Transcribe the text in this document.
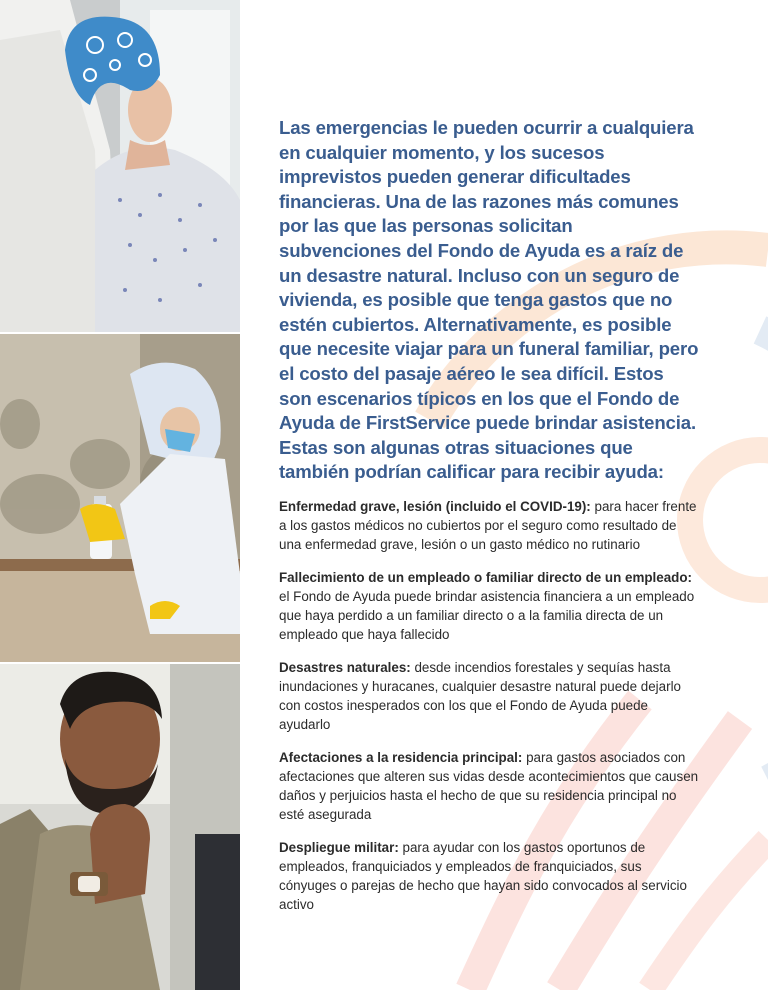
Las emergencias le pueden ocurrir a cualquiera en cualquier momento, y los sucesos imprevistos pueden generar dificultades financieras. Una de las razones más comunes por las que las personas solicitan subvenciones del Fondo de Ayuda es a raíz de un desastre natural. Incluso con un seguro de vivienda, es posible que tenga gastos que no estén cubiertos. Alternativamente, es posible que necesite viajar para un funeral familiar, pero el costo del pasaje aéreo le sea difícil. Estos son escenarios típicos en los que el Fondo de Ayuda de FirstService puede brindar asistencia. Estas son algunas otras situaciones que también podrían calificar para recibir ayuda:

Enfermedad grave, lesión (incluido el COVID-19): para hacer frente a los gastos médicos no cubiertos por el seguro como resultado de una enfermedad grave, lesión o un gasto médico no rutinario

Fallecimiento de un empleado o familiar directo de un empleado: el Fondo de Ayuda puede brindar asistencia financiera a un empleado que haya perdido a un familiar directo o a la familia directa de un empleado que haya fallecido

Desastres naturales: desde incendios forestales y sequías hasta inundaciones y huracanes, cualquier desastre natural puede dejarlo con costos inesperados con los que el Fondo de Ayuda puede ayudarlo

Afectaciones a la residencia principal: para gastos asociados con afectaciones que alteren sus vidas desde acontecimientos que causen daños y perjuicios hasta el hecho de que su residencia principal no esté asegurada

Despliegue militar: para ayudar con los gastos oportunos de empleados, franquiciados y empleados de franquiciados, sus cónyuges o parejas de hecho que hayan sido convocados al servicio activo
